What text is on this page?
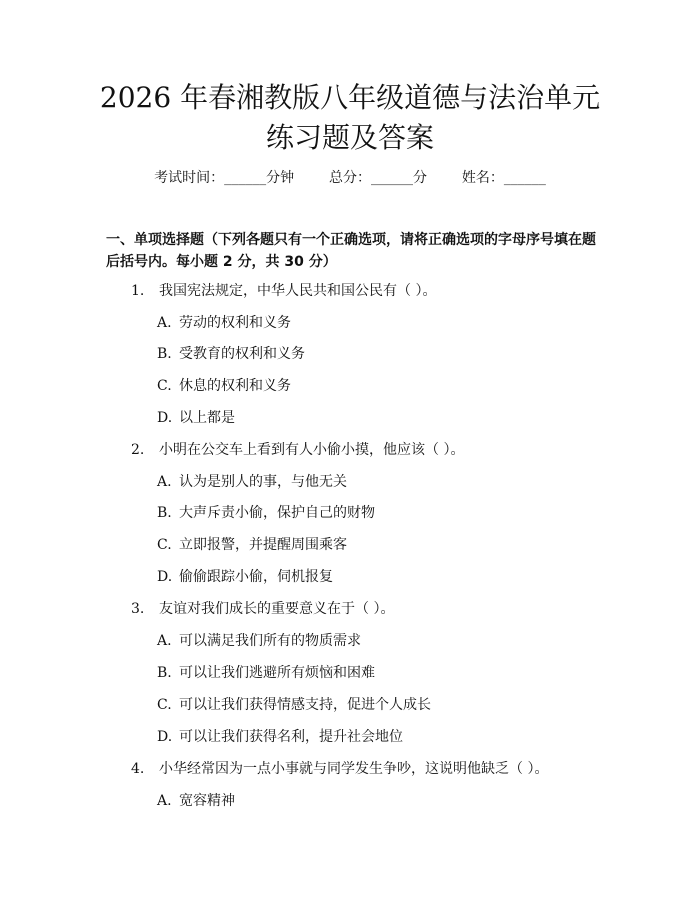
2026 年春湘教版八年级道德与法治单元练习题及答案
考试时间：______分钟 总分：______分 姓名：______
一、单项选择题（下列各题只有一个正确选项，请将正确选项的字母序号填在题后括号内。每小题 2 分，共 30 分）
1. 我国宪法规定，中华人民共和国公民有（ ）。
A. 劳动的权利和义务
B. 受教育的权利和义务
C. 休息的权利和义务
D. 以上都是
2. 小明在公交车上看到有人小偷小摸，他应该（ ）。
A. 认为是别人的事，与他无关
B. 大声斥责小偷，保护自己的财物
C. 立即报警，并提醒周围乘客
D. 偷偷跟踪小偷，伺机报复
3. 友谊对我们成长的重要意义在于（ ）。
A. 可以满足我们所有的物质需求
B. 可以让我们逃避所有烦恼和困难
C. 可以让我们获得情感支持，促进个人成长
D. 可以让我们获得名利，提升社会地位
4. 小华经常因为一点小事就与同学发生争吵，这说明他缺乏（ ）。
A. 宽容精神
